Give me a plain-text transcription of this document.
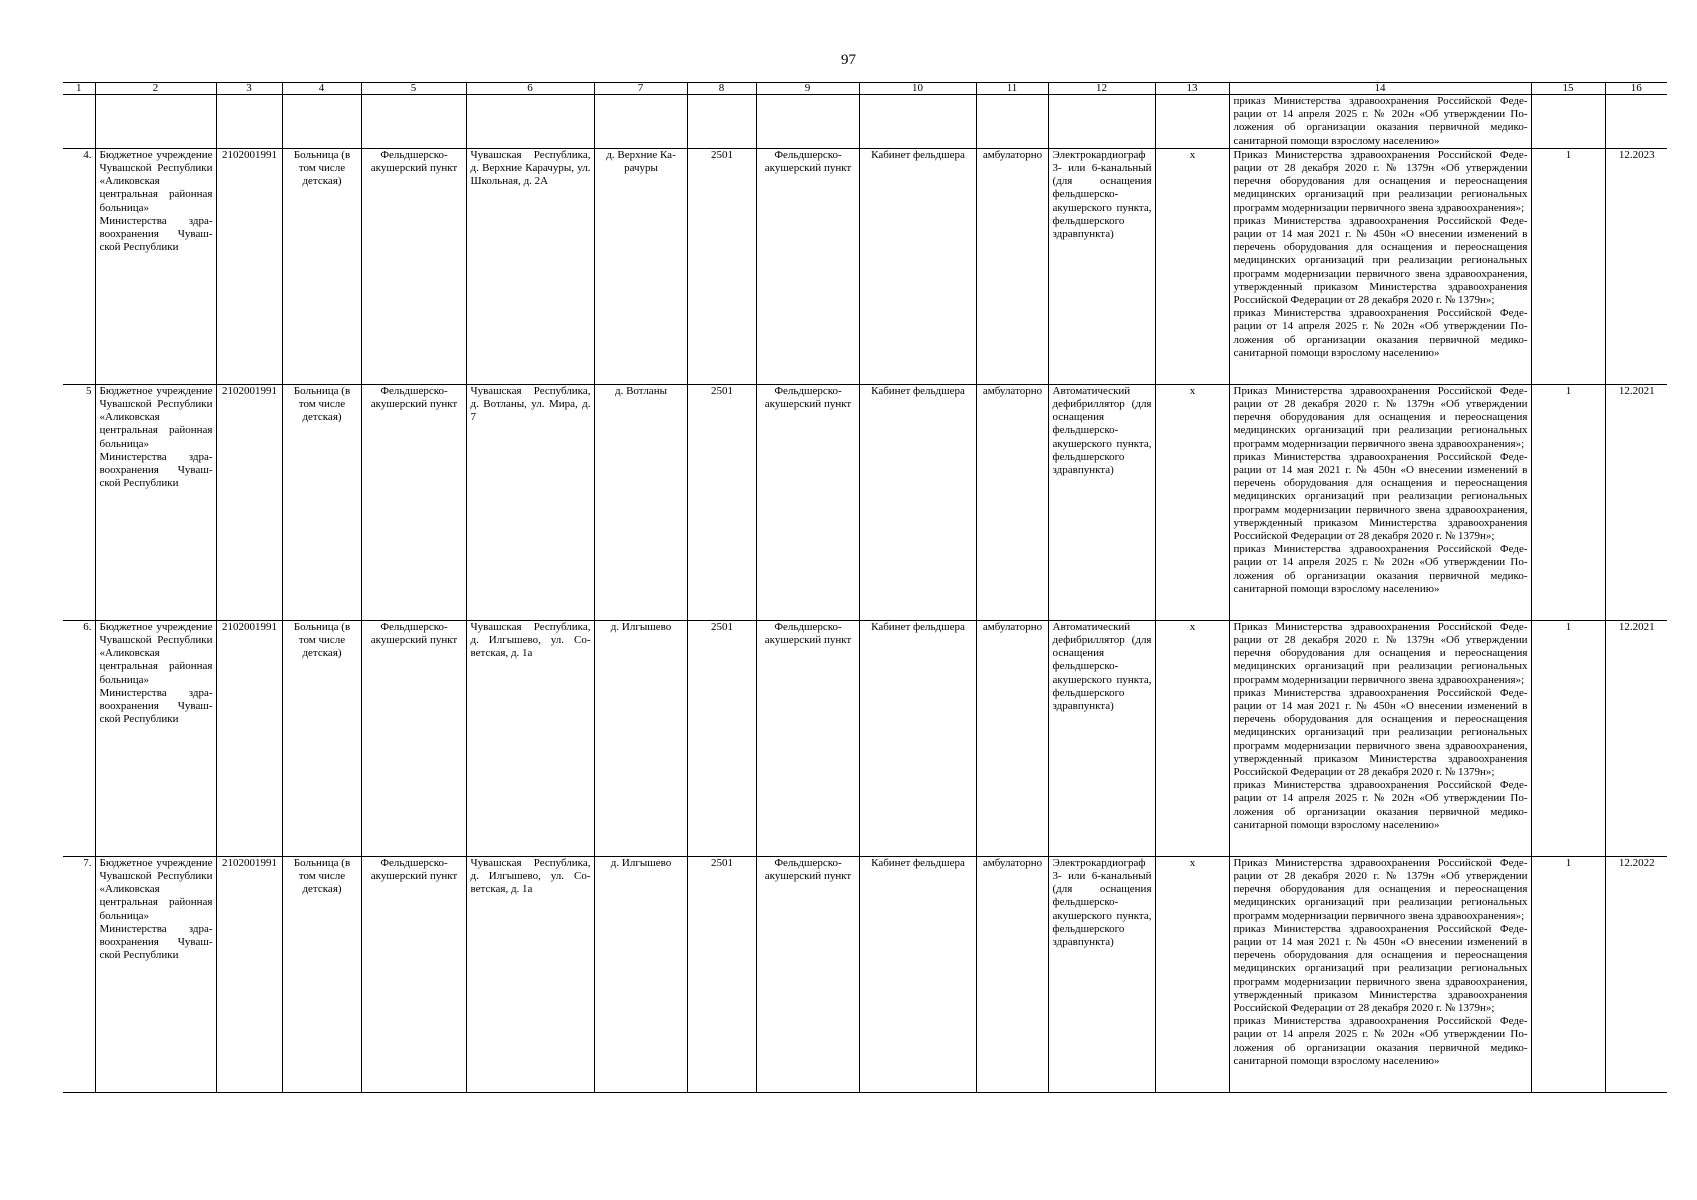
97
1	2	3	4	5	6	7	8	9	10	11	12	13	14	15	16
													приказ Министерства здравоохранения Российской Федерации от 14 апреля 2025 г. № 202н «Об утверждении Положения об организации оказания первичной медико-санитарной помощи взрослому населению»		
4.	Бюджетное учреждение Чувашской Республики «Аликовская центральная районная больница» Министерства здравоохранения Чувашской Республики	2102001991	Больница (в том числе детская)	Фельдшерско-акушерский пункт	Чувашская Республика, д. Верхние Карачуры, ул. Школьная, д. 2А	д. Верхние Карачуры	2501	Фельдшерско-акушерский пункт	Кабинет фельдшера	амбулаторно	Электрокардиограф 3- или 6-канальный (для оснащения фельдшерско-акушерского пункта, фельдшерского здравпункта)	х	Приказ Министерства здравоохранения Российской Федерации от 28 декабря 2020 г. № 1379н «Об утверждении перечня оборудования для оснащения и переоснащения медицинских организаций при реализации региональных программ модернизации первичного звена здравоохранения»;
приказ Министерства здравоохранения Российской Федерации от 14 мая 2021 г. № 450н «О внесении изменений в перечень оборудования для оснащения и переоснащения медицинских организаций при реализации региональных программ модернизации первичного звена здравоохранения, утвержденный приказом Министерства здравоохранения Российской Федерации от 28 декабря 2020 г. № 1379н»;
приказ Министерства здравоохранения Российской Федерации от 14 апреля 2025 г. № 202н «Об утверждении Положения об организации оказания первичной медико-санитарной помощи взрослому населению»	1	12.2023
5	Бюджетное учреждение Чувашской Республики «Аликовская центральная районная больница» Министерства здравоохранения Чувашской Республики	2102001991	Больница (в том числе детская)	Фельдшерско-акушерский пункт	Чувашская Республика, д. Вотланы, ул. Мира, д. 7	д. Вотланы	2501	Фельдшерско-акушерский пункт	Кабинет фельдшера	амбулаторно	Автоматический дефибриллятор (для оснащения фельдшерско-акушерского пункта, фельдшерского здравпункта)	х	Приказ Министерства здравоохранения Российской Федерации от 28 декабря 2020 г. № 1379н «Об утверждении перечня оборудования для оснащения и переоснащения медицинских организаций при реализации региональных программ модернизации первичного звена здравоохранения»;
приказ Министерства здравоохранения Российской Федерации от 14 мая 2021 г. № 450н «О внесении изменений в перечень оборудования для оснащения и переоснащения медицинских организаций при реализации региональных программ модернизации первичного звена здравоохранения, утвержденный приказом Министерства здравоохранения Российской Федерации от 28 декабря 2020 г. № 1379н»;
приказ Министерства здравоохранения Российской Федерации от 14 апреля 2025 г. № 202н «Об утверждении Положения об организации оказания первичной медико-санитарной помощи взрослому населению»	1	12.2021
6.	Бюджетное учреждение Чувашской Республики «Аликовская центральная районная больница» Министерства здравоохранения Чувашской Республики	2102001991	Больница (в том числе детская)	Фельдшерско-акушерский пункт	Чувашская Республика, д. Илгышево, ул. Советская, д. 1а	д. Илгышево	2501	Фельдшерско-акушерский пункт	Кабинет фельдшера	амбулаторно	Автоматический дефибриллятор (для оснащения фельдшерско-акушерского пункта, фельдшерского здравпункта)	х	Приказ Министерства здравоохранения Российской Федерации от 28 декабря 2020 г. № 1379н «Об утверждении перечня оборудования для оснащения и переоснащения медицинских организаций при реализации региональных программ модернизации первичного звена здравоохранения»;
приказ Министерства здравоохранения Российской Федерации от 14 мая 2021 г. № 450н «О внесении изменений в перечень оборудования для оснащения и переоснащения медицинских организаций при реализации региональных программ модернизации первичного звена здравоохранения, утвержденный приказом Министерства здравоохранения Российской Федерации от 28 декабря 2020 г. № 1379н»;
приказ Министерства здравоохранения Российской Федерации от 14 апреля 2025 г. № 202н «Об утверждении Положения об организации оказания первичной медико-санитарной помощи взрослому населению»	1	12.2021
7.	Бюджетное учреждение Чувашской Республики «Аликовская центральная районная больница» Министерства здравоохранения Чувашской Республики	2102001991	Больница (в том числе детская)	Фельдшерско-акушерский пункт	Чувашская Республика, д. Илгышево, ул. Советская, д. 1а	д. Илгышево	2501	Фельдшерско-акушерский пункт	Кабинет фельдшера	амбулаторно	Электрокардиограф 3- или 6-канальный (для оснащения фельдшерско-акушерского пункта, фельдшерского здравпункта)	х	Приказ Министерства здравоохранения Российской Федерации от 28 декабря 2020 г. № 1379н «Об утверждении перечня оборудования для оснащения и переоснащения медицинских организаций при реализации региональных программ модернизации первичного звена здравоохранения»;
приказ Министерства здравоохранения Российской Федерации от 14 мая 2021 г. № 450н «О внесении изменений в перечень оборудования для оснащения и переоснащения медицинских организаций при реализации региональных программ модернизации первичного звена здравоохранения, утвержденный приказом Министерства здравоохранения Российской Федерации от 28 декабря 2020 г. № 1379н»;
приказ Министерства здравоохранения Российской Федерации от 14 апреля 2025 г. № 202н «Об утверждении Положения об организации оказания первичной медико-санитарной помощи взрослому населению»	1	12.2022
